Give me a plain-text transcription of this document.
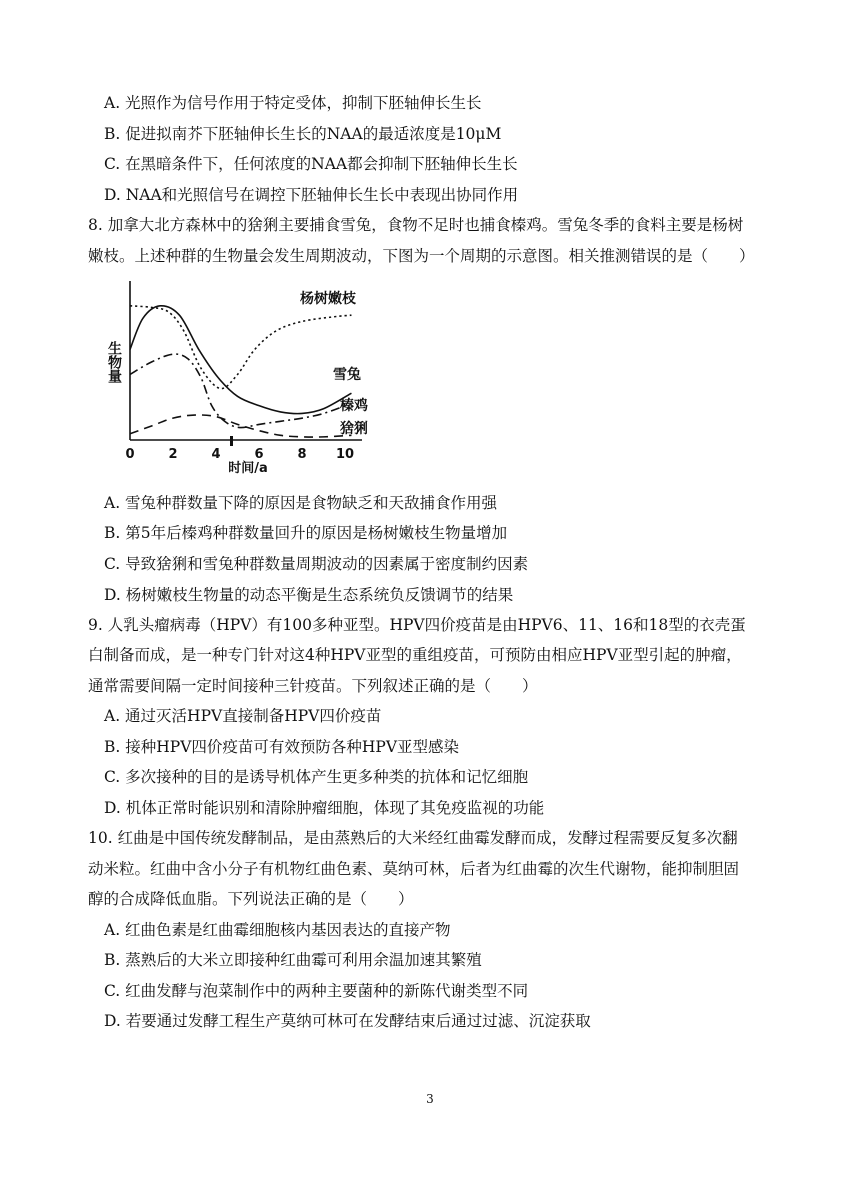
A. 光照作为信号作用于特定受体，抑制下胚轴伸长生长
B. 促进拟南芥下胚轴伸长生长的NAA的最适浓度是10μM
C. 在黑暗条件下，任何浓度的NAA都会抑制下胚轴伸长生长
D. NAA和光照信号在调控下胚轴伸长生长中表现出协同作用
8. 加拿大北方森林中的猞猁主要捕食雪兔，食物不足时也捕食榛鸡。雪兔冬季的食料主要是杨树
嫩枝。上述种群的生物量会发生周期波动，下图为一个周期的示意图。相关推测错误的是（　　）
生物量
0	2	4	6	8 10
时间/a
杨树嫩枝
雪兔
榛鸡
猞猁
A. 雪兔种群数量下降的原因是食物缺乏和天敌捕食作用强
B. 第5年后榛鸡种群数量回升的原因是杨树嫩枝生物量增加
C. 导致猞猁和雪兔种群数量周期波动的因素属于密度制约因素
D. 杨树嫩枝生物量的动态平衡是生态系统负反馈调节的结果
9. 人乳头瘤病毒（HPV）有100多种亚型。HPV四价疫苗是由HPV6、11、16和18型的衣壳蛋
白制备而成，是一种专门针对这4种HPV亚型的重组疫苗，可预防由相应HPV亚型引起的肿瘤，
通常需要间隔一定时间接种三针疫苗。下列叙述正确的是（　　）
A. 通过灭活HPV直接制备HPV四价疫苗
B. 接种HPV四价疫苗可有效预防各种HPV亚型感染
C. 多次接种的目的是诱导机体产生更多种类的抗体和记忆细胞
D. 机体正常时能识别和清除肿瘤细胞，体现了其免疫监视的功能
10. 红曲是中国传统发酵制品，是由蒸熟后的大米经红曲霉发酵而成，发酵过程需要反复多次翻
动米粒。红曲中含小分子有机物红曲色素、莫纳可林，后者为红曲霉的次生代谢物，能抑制胆固
醇的合成降低血脂。下列说法正确的是（　　）
A. 红曲色素是红曲霉细胞核内基因表达的直接产物
B. 蒸熟后的大米立即接种红曲霉可利用余温加速其繁殖
C. 红曲发酵与泡菜制作中的两种主要菌种的新陈代谢类型不同
D. 若要通过发酵工程生产莫纳可林可在发酵结束后通过过滤、沉淀获取
3
